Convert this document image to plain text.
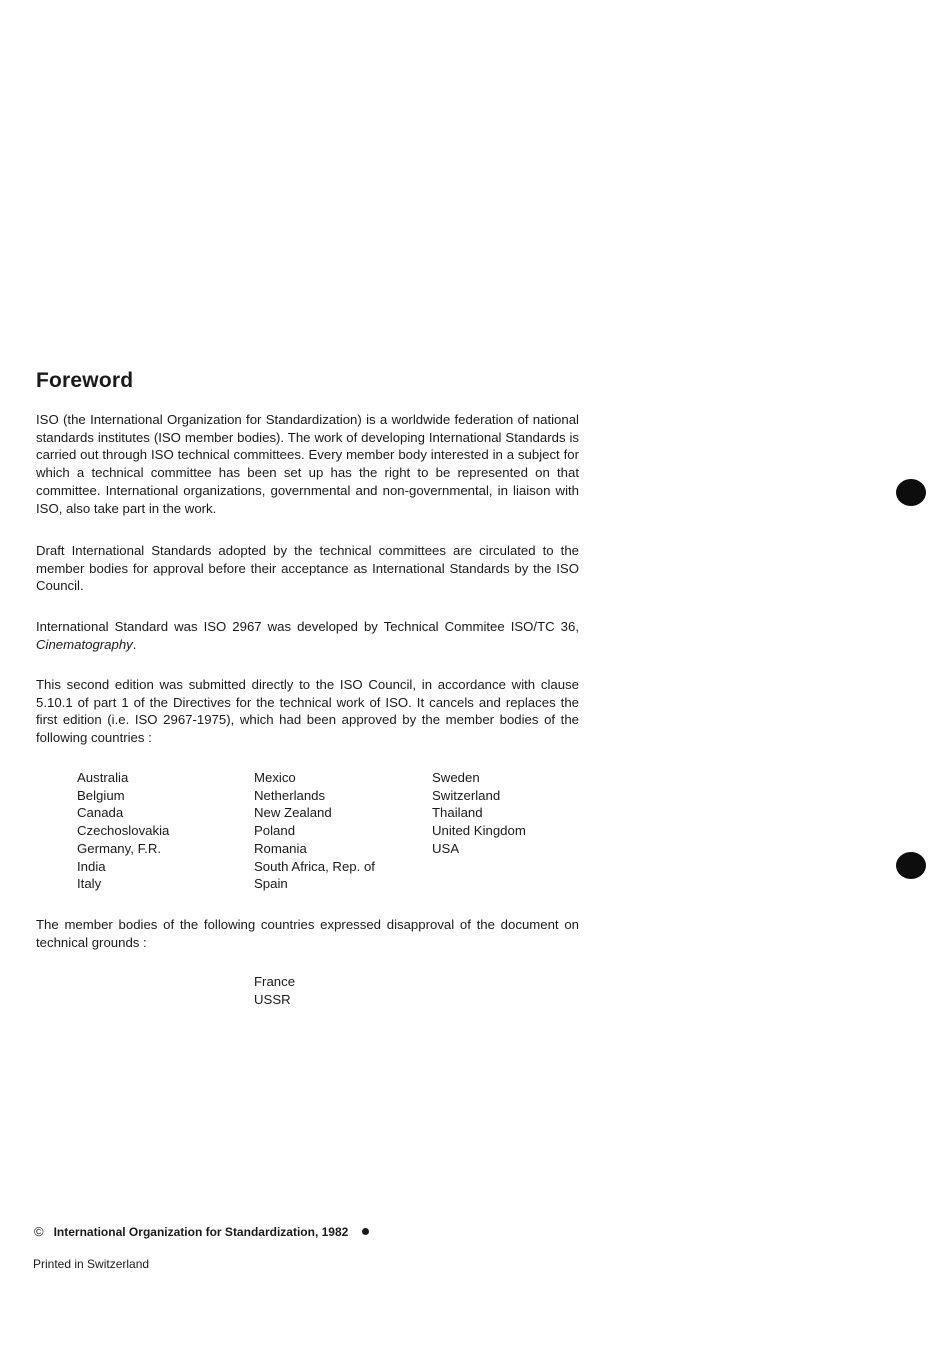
Foreword

ISO (the International Organization for Standardization) is a worldwide federation of national standards institutes (ISO member bodies). The work of developing International Standards is carried out through ISO technical committees. Every member body interested in a subject for which a technical committee has been set up has the right to be represented on that committee. International organizations, governmental and non-governmental, in liaison with ISO, also take part in the work.

Draft International Standards adopted by the technical committees are circulated to the member bodies for approval before their acceptance as International Standards by the ISO Council.

International Standard was ISO 2967 was developed by Technical Commitee ISO/TC 36, Cinematography.

This second edition was submitted directly to the ISO Council, in accordance with clause 5.10.1 of part 1 of the Directives for the technical work of ISO. It cancels and replaces the first edition (i.e. ISO 2967-1975), which had been approved by the member bodies of the following countries :

Australia
Belgium
Canada
Czechoslovakia
Germany, F.R.
India
Italy
Mexico
Netherlands
New Zealand
Poland
Romania
South Africa, Rep. of
Spain
Sweden
Switzerland
Thailand
United Kingdom
USA

The member bodies of the following countries expressed disapproval of the document on technical grounds :

France
USSR
© International Organization for Standardization, 1982
Printed in Switzerland
